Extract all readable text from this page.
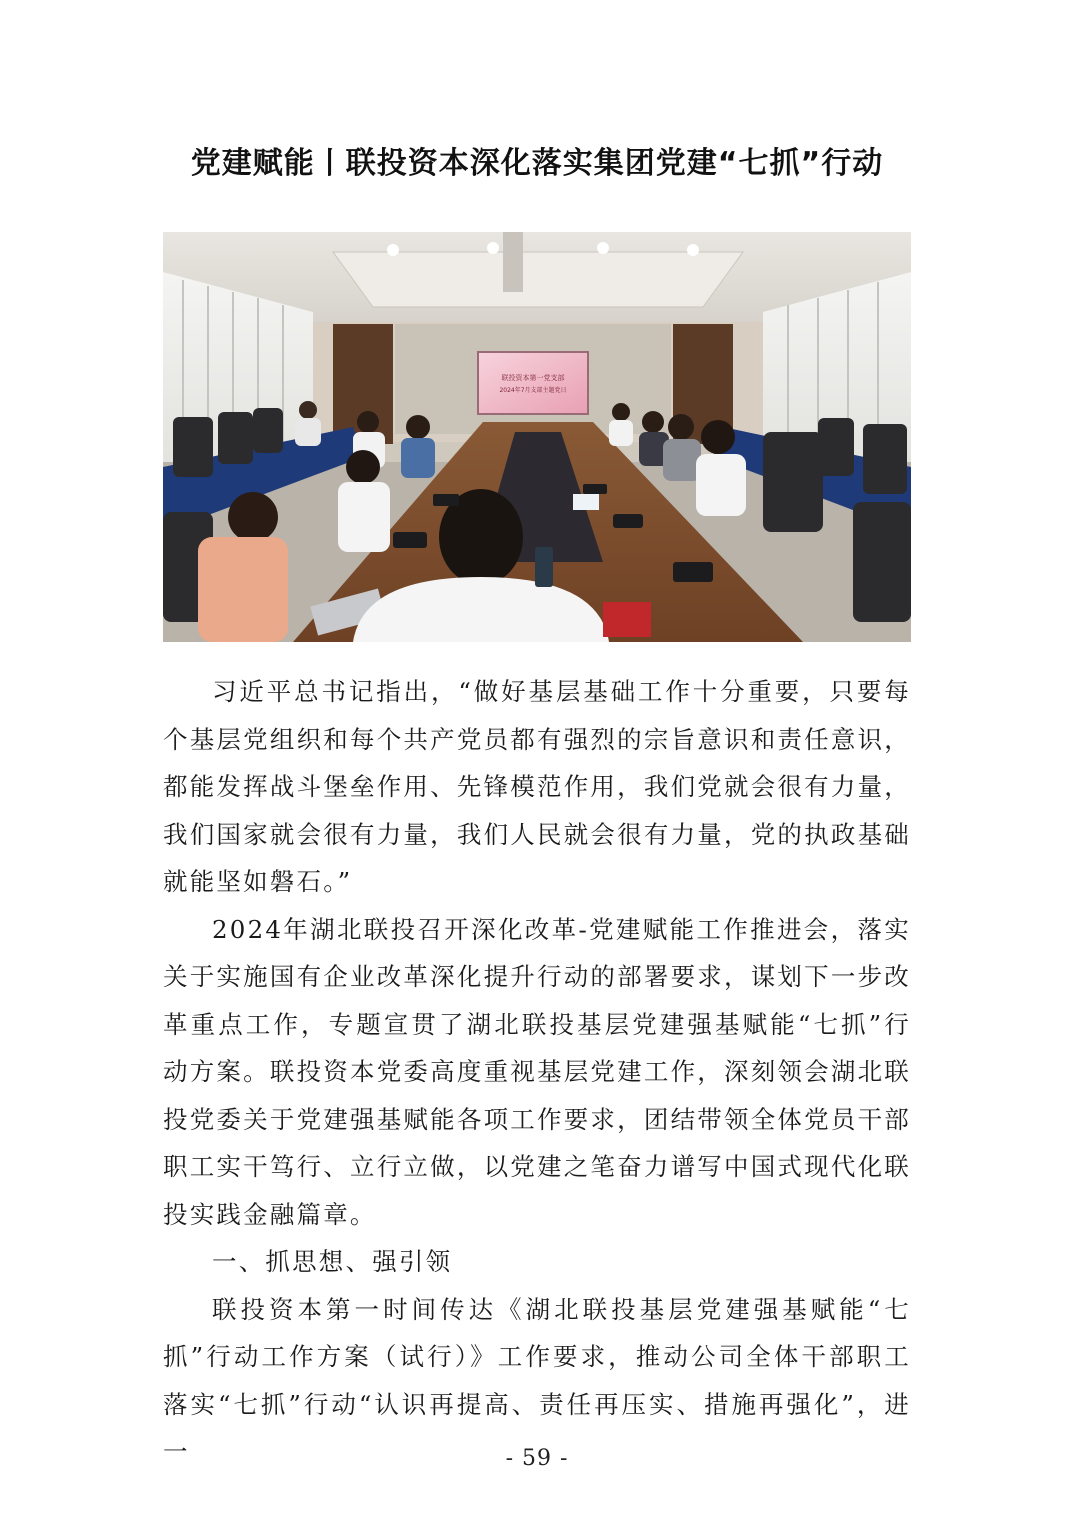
党建赋能丨联投资本深化落实集团党建“七抓”行动
联投资本第一党支部
2024年7月支部主题党日

习近平总书记指出，“做好基层基础工作十分重要，只要每个基层党组织和每个共产党员都有强烈的宗旨意识和责任意识，都能发挥战斗堡垒作用、先锋模范作用，我们党就会很有力量，我们国家就会很有力量，我们人民就会很有力量，党的执政基础就能坚如磐石。”

2024年湖北联投召开深化改革-党建赋能工作推进会，落实关于实施国有企业改革深化提升行动的部署要求，谋划下一步改革重点工作，专题宣贯了湖北联投基层党建强基赋能“七抓”行动方案。联投资本党委高度重视基层党建工作，深刻领会湖北联投党委关于党建强基赋能各项工作要求，团结带领全体党员干部职工实干笃行、立行立做，以党建之笔奋力谱写中国式现代化联投实践金融篇章。

一、抓思想、强引领

联投资本第一时间传达《湖北联投基层党建强基赋能“七抓”行动工作方案（试行）》工作要求，推动公司全体干部职工落实“七抓”行动“认识再提高、责任再压实、措施再强化”，进一	- 59 -
